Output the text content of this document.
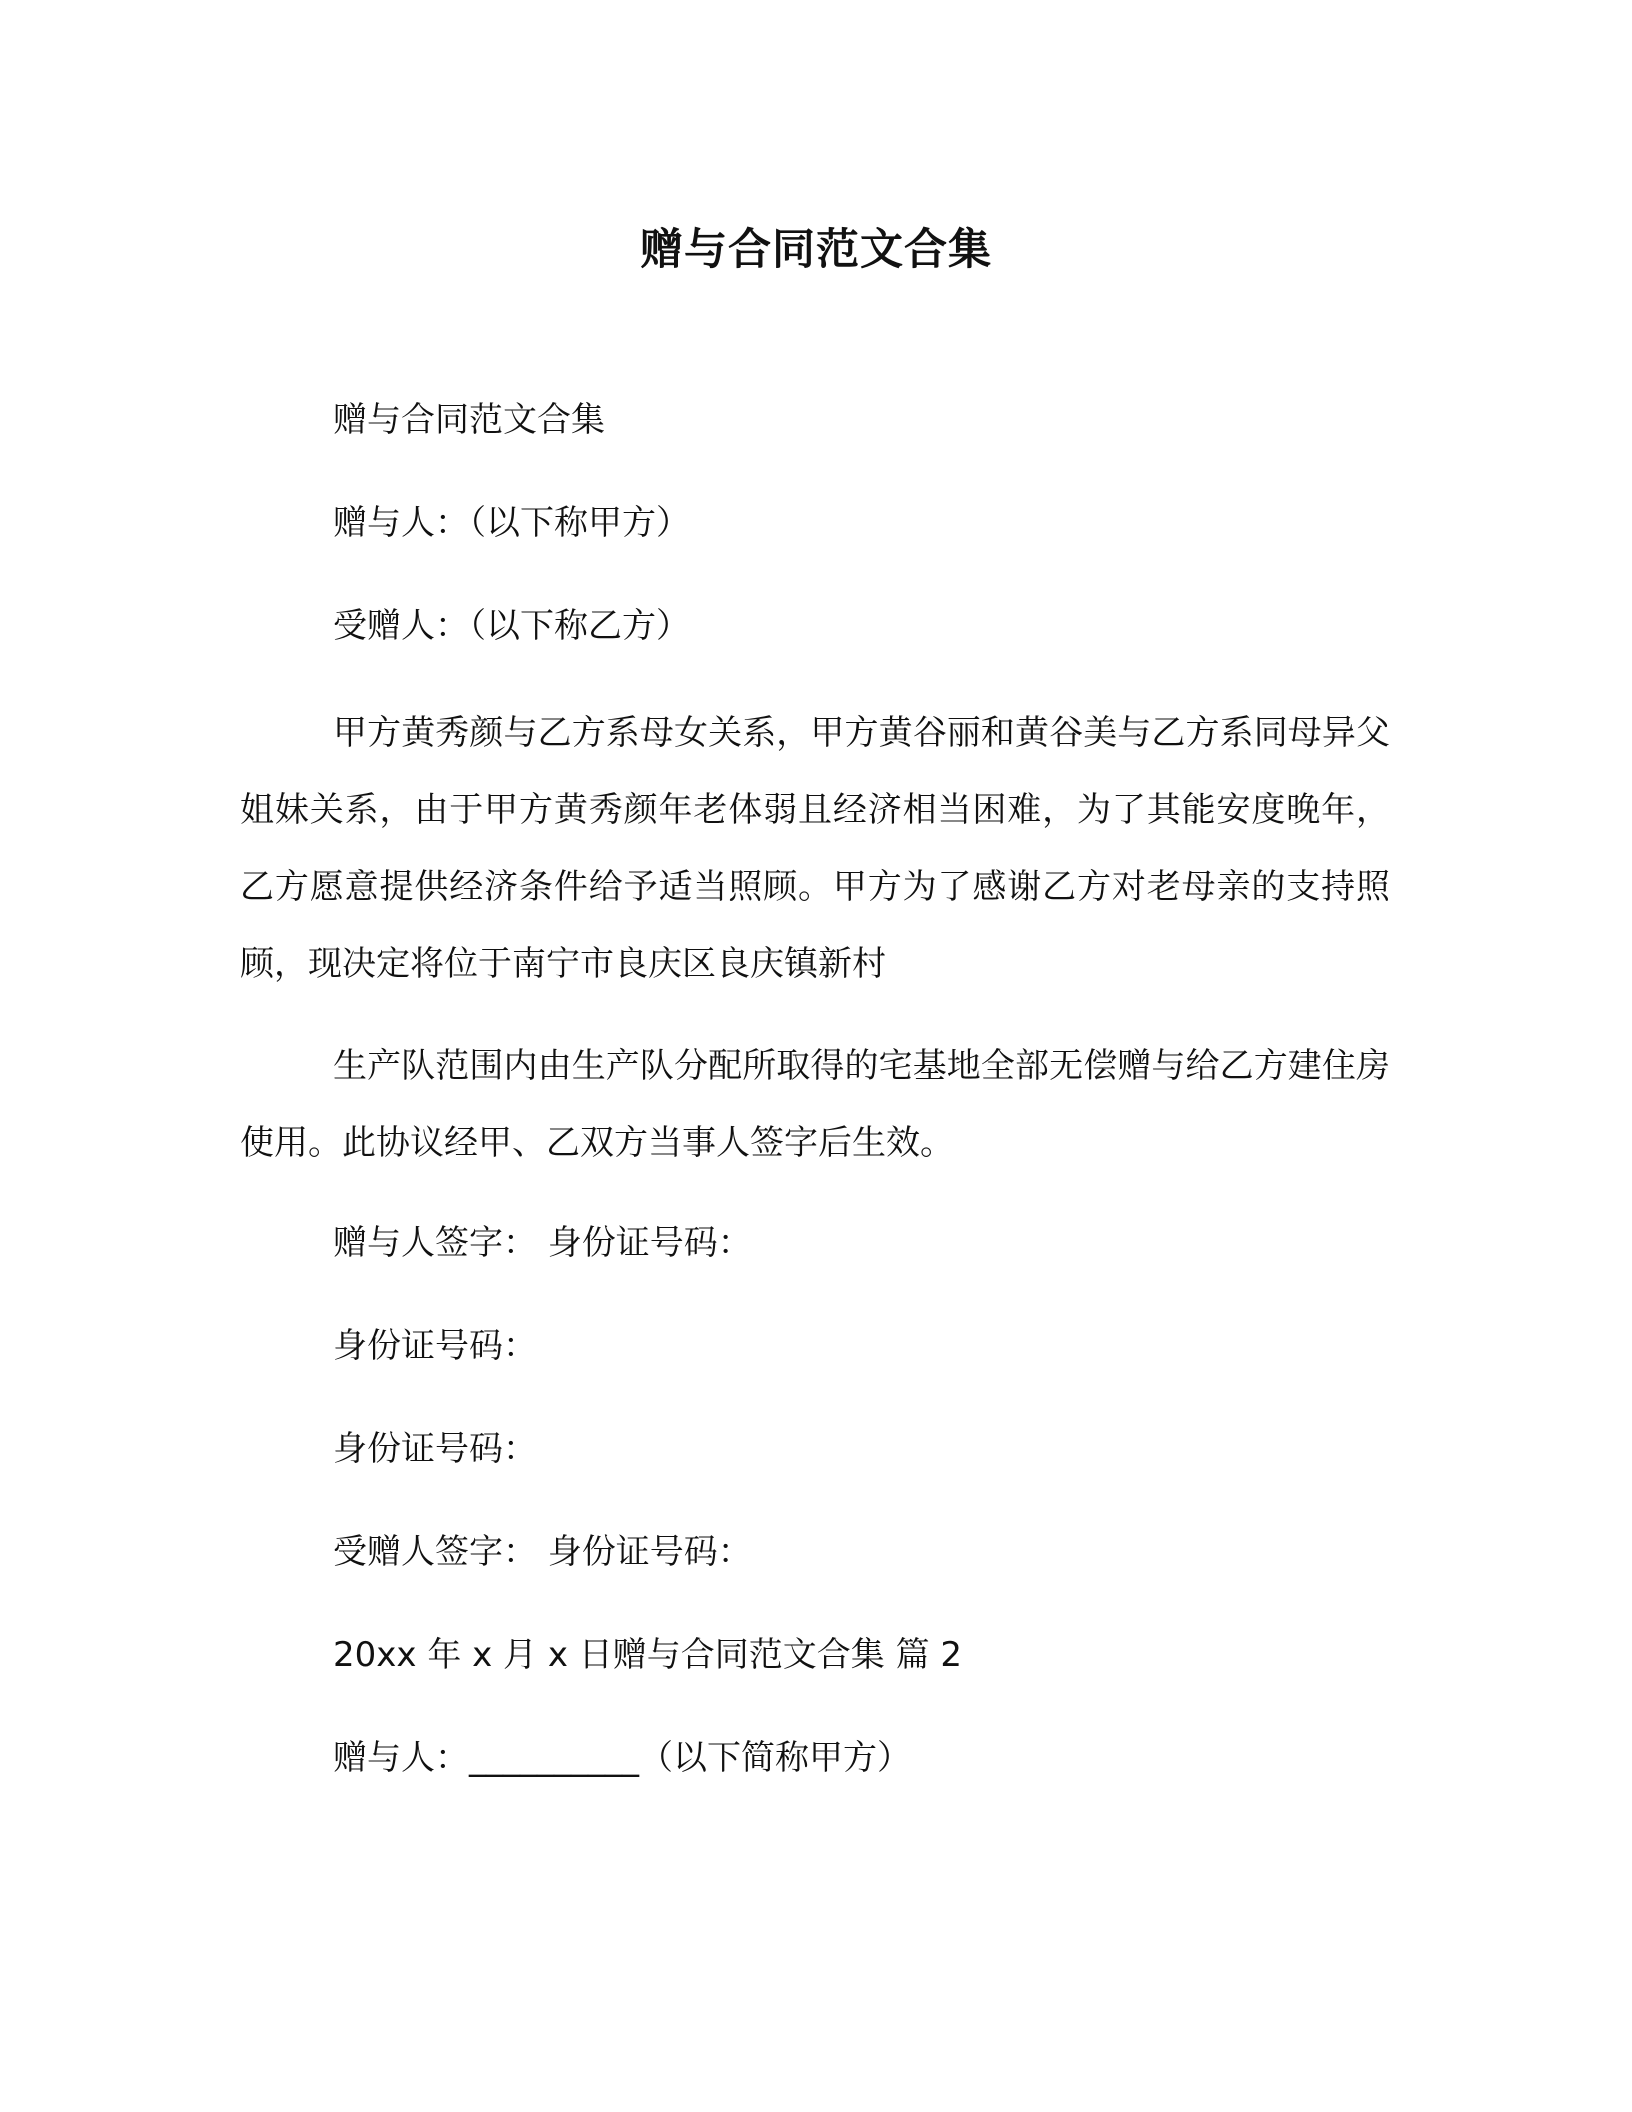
赠与合同范文合集
赠与合同范文合集
赠与人：（以下称甲方）
受赠人：（以下称乙方）

甲方黄秀颜与乙方系母女关系，甲方黄谷丽和黄谷美与乙方系同母异父姐妹关系，由于甲方黄秀颜年老体弱且经济相当困难，为了其能安度晚年，乙方愿意提供经济条件给予适当照顾。甲方为了感谢乙方对老母亲的支持照顾，现决定将位于南宁市良庆区良庆镇新村

生产队范围内由生产队分配所取得的宅基地全部无偿赠与给乙方建住房使用。此协议经甲、乙双方当事人签字后生效。

赠与人签字： 身份证号码：
身份证号码：
身份证号码：
受赠人签字： 身份证号码：
20xx 年 x 月 x 日赠与合同范文合集 篇 2
赠与人：__________（以下简称甲方）
